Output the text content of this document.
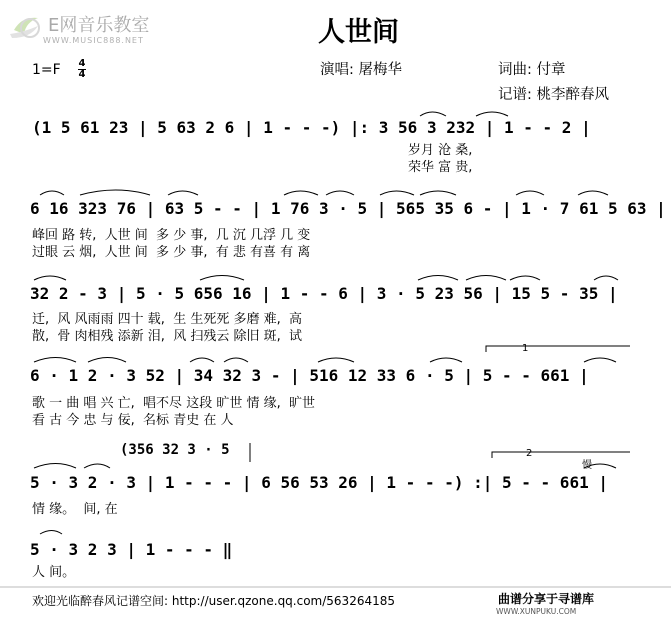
E网音乐教室
WWW.MUSIC888.NET	人世间
演唱: 屠梅华	词曲: 付章
记谱: 桃李醉春风
1=F 4
4
(1 5 61 23 | 5 63 2 6 | 1 - - -) |: 3 56 3 232 | 1 - - 2 |
岁月 沧 桑,
荣华 富 贵,
6 16 323 76 | 63 5 - - | 1 76 3 · 5 | 565 35 6 - | 1 · 7 61 5 63 |
峰回 路 转,  人世 间  多 少 事,  几 沉 几浮 几 变
过眼 云 烟,  人世 间  多 少 事,  有 悲 有喜 有 离
32 2 - 3 | 5 · 5 656 16 | 1 - - 6 | 3 · 5 23 56 | 15 5 - 35 |
迁,  风 风雨雨 四十 载,  生 生死死 多磨 难,  高
散,  骨 肉相残 添新 泪,  风 扫残云 除旧 斑,  试
6 · 1 2 · 3 52 | 34 32 3 - | 516 12 33 6 · 5 | 5 - - 661 |
歌 一 曲 唱 兴 亡,  唱不尽 这段 旷世 情 缘,  旷世
看 古 今 忠 与 佞,  名标 青史 在 人
1
(356 32 3 · 5
5 · 3 2 · 3 | 1 - - - | 6 56 53 26 | 1 - - -) :| 5 - - 661 |
情 缘。  间, 在
2
慢
5 · 3 2 3 | 1 - - - ‖
人 间。
欢迎光临醉春风记谱空间: http://user.qzone.qq.com/563264185	曲谱分享于寻谱库
WWW.XUNPUKU.COM
